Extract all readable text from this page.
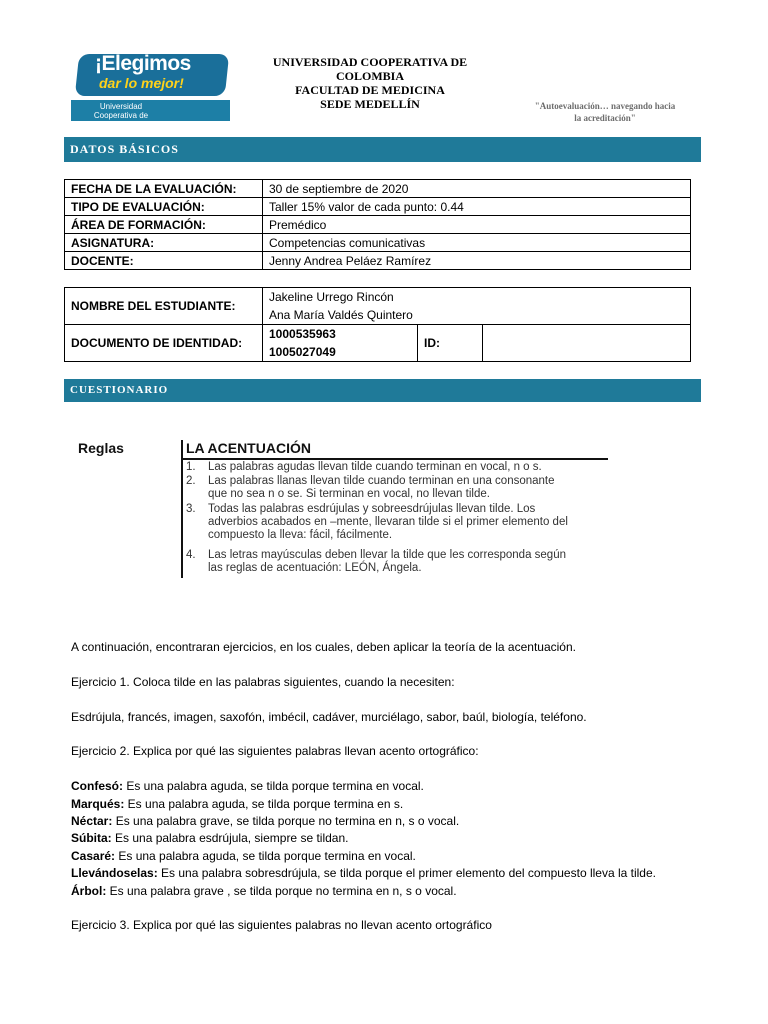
¡Elegimos
dar lo mejor!
Universidad Cooperativa de Colombia
UNIVERSIDAD COOPERATIVA DE
COLOMBIA
FACULTAD DE MEDICINA
SEDE MEDELLÍN	"Autoevaluación… navegando hacia
la acreditación"
DATOS BÁSICOS
FECHA DE LA EVALUACIÓN:	30 de septiembre de 2020
TIPO DE EVALUACIÓN:	Taller 15% valor de cada punto: 0.44
ÁREA DE FORMACIÓN:	Premédico
ASIGNATURA:	Competencias comunicativas
DOCENTE:	Jenny Andrea Peláez Ramírez
NOMBRE DEL ESTUDIANTE:	Jakeline Urrego Rincón
Ana María Valdés Quintero		

DOCUMENTO DE IDENTIDAD:	1000535963
1005027049	ID:	
CUESTIONARIO
Reglas	LA ACENTUACIÓN
1. Las palabras agudas llevan tilde cuando terminan en vocal, n o s.
2. Las palabras llanas llevan tilde cuando terminan en una consonante
que no sea n o se. Si terminan en vocal, no llevan tilde.
3. Todas las palabras esdrújulas y sobreesdrújulas llevan tilde. Los
adverbios acabados en –mente, llevaran tilde si el primer elemento del
compuesto la lleva: fácil, fácilmente.
4. Las letras mayúsculas deben llevar la tilde que les corresponda según
las reglas de acentuación: LEÓN, Ángela.
A continuación, encontraran ejercicios, en los cuales, deben aplicar la teoría de la acentuación.
Ejercicio 1. Coloca tilde en las palabras siguientes, cuando la necesiten:
Esdrújula, francés, imagen, saxofón, imbécil, cadáver, murciélago, sabor, baúl, biología, teléfono.
Ejercicio 2. Explica por qué las siguientes palabras llevan acento ortográfico:
Confesó: Es una palabra aguda, se tilda porque termina en vocal.
Marqués: Es una palabra aguda, se tilda porque termina en s.
Néctar: Es una palabra grave, se tilda porque no termina en n, s o vocal.
Súbita: Es una palabra esdrújula, siempre se tildan.
Casaré: Es una palabra aguda, se tilda porque termina en vocal.
Llevándoselas: Es una palabra sobresdrújula, se tilda porque el primer elemento del compuesto lleva la tilde.
Árbol: Es una palabra grave , se tilda porque no termina en n, s o vocal.
Ejercicio 3. Explica por qué las siguientes palabras no llevan acento ortográfico
